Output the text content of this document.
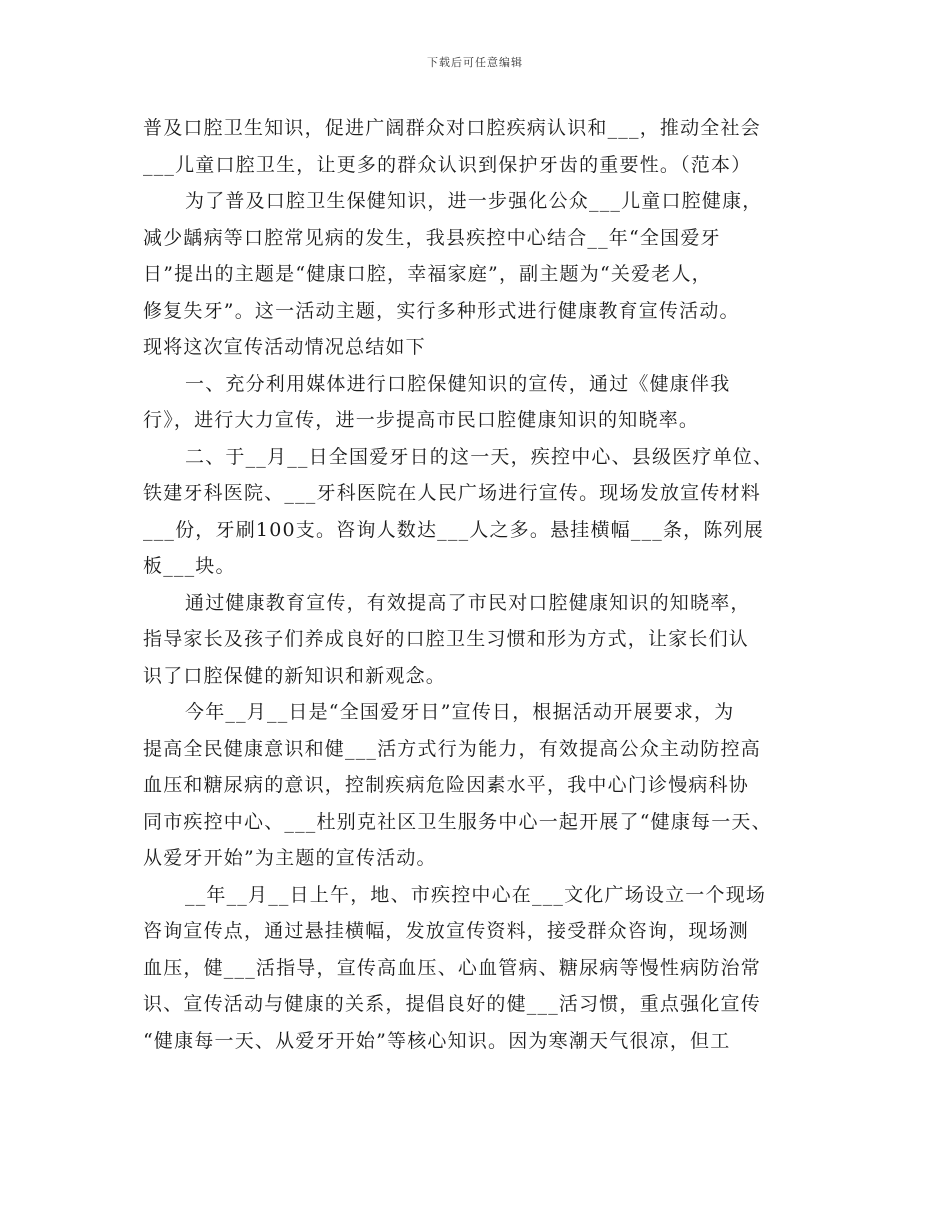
下载后可任意编辑
普及口腔卫生知识，促进广阔群众对口腔疾病认识和___，推动全社会
___儿童口腔卫生，让更多的群众认识到保护牙齿的重要性。（范本）
为了普及口腔卫生保健知识，进一步强化公众___儿童口腔健康，
减少龋病等口腔常见病的发生，我县疾控中心结合__年“全国爱牙
日”提出的主题是“健康口腔，幸福家庭”，副主题为“关爱老人，
修复失牙”。这一活动主题，实行多种形式进行健康教育宣传活动。
现将这次宣传活动情况总结如下
一、充分利用媒体进行口腔保健知识的宣传，通过《健康伴我
行》，进行大力宣传，进一步提高市民口腔健康知识的知晓率。
二、于__月__日全国爱牙日的这一天，疾控中心、县级医疗单位、
铁建牙科医院、___牙科医院在人民广场进行宣传。现场发放宣传材料
___份，牙刷100支。咨询人数达___人之多。悬挂横幅___条，陈列展
板___块。
通过健康教育宣传，有效提高了市民对口腔健康知识的知晓率，
指导家长及孩子们养成良好的口腔卫生习惯和形为方式，让家长们认
识了口腔保健的新知识和新观念。
今年__月__日是“全国爱牙日”宣传日，根据活动开展要求，为
提高全民健康意识和健___活方式行为能力，有效提高公众主动防控高
血压和糖尿病的意识，控制疾病危险因素水平，我中心门诊慢病科协
同市疾控中心、___杜别克社区卫生服务中心一起开展了“健康每一天、
从爱牙开始”为主题的宣传活动。
__年__月__日上午，地、市疾控中心在___文化广场设立一个现场
咨询宣传点，通过悬挂横幅，发放宣传资料，接受群众咨询，现场测
血压，健___活指导，宣传高血压、心血管病、糖尿病等慢性病防治常
识、宣传活动与健康的关系，提倡良好的健___活习惯，重点强化宣传
“健康每一天、从爱牙开始”等核心知识。因为寒潮天气很凉，但工
